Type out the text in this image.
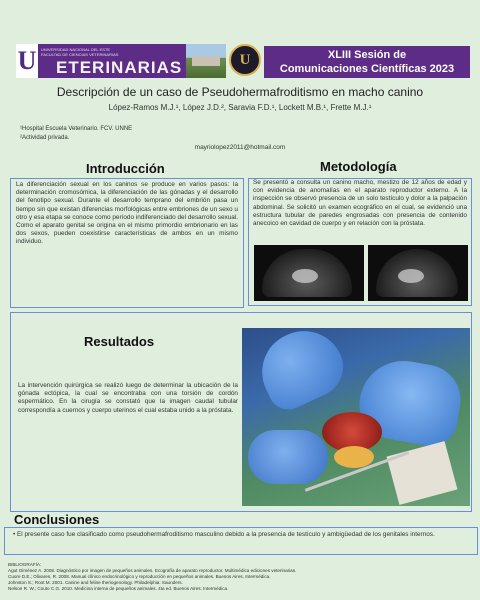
U	UNIVERSIDAD NACIONAL DEL ESTE
FACULTAD DE CIENCIAS VETERINARIAS
ETERINARIAS	U	XLIII Sesión de
Comunicaciones Científicas 2023
Descripción de un caso de Pseudohermafroditismo en macho canino
López-Ramos M.J.¹, López J.D.², Saravia F.D.¹, Lockett M.B.¹, Frette M.J.¹
¹Hospital Escuela Veterinario. FCV. UNNE
²Actividad privada.
mayriolopez2011@hotmail.com
Introducción	Metodología
La diferenciación sexual en los caninos se produce en varios pasos: la determinación cromosómica, la diferenciación de las gónadas y el desarrollo del fenotipo sexual. Durante el desarrollo temprano del embrión pasa un tiempo sin que existan diferencias morfológicas entre embriones de un sexo u otro y esa etapa se conoce como período indiferenciado del desarrollo sexual. Como el aparato genital se origina en el mismo primordio embrionario en las dos sexos, pueden coexistirse características de ambos en un mismo individuo.
Se presentó a consulta un canino macho, mestizo de 12 años de edad y con evidencia de anomalías en el aparato reproductor externo. A la inspección se observó presencia de un solo testículo y dolor a la palpación abdominal. Se solicitó un examen ecográfico en el cual, se evidenció una estructura tubular de paredes engrosadas con presencia de contenido anecoico en cavidad de cuerpo y en relación con la próstata.
Resultados
La intervención quirúrgica se realizó luego de determinar la ubicación de la gónada ectópica, la cual se encontraba con una torsión de cordón espermático. En la cirugía se constató que la imagen caudal tubular correspondía a cuernos y cuerpo uterinos el cual estaba unido a la próstata.
Conclusiones
• El presente caso fue clasificado como pseudohermafroditismo masculino debido a la presencia de testículo y ambigüedad de los genitales internos.
BIBLIOGRAFÍA:
Agut Giménez A. 2008. Diagnóstico por imagen de pequeños animales. Ecografía de aparato reproductor. Multimédica ediciones veterinarias.
Cuore D.E.; Olivares, R. 2008. Manual clínico endocrinológico y reproducción en pequeños animales. Buenos Aires, Intermédica.
Johnston S.; Root M. 2001. Canine and feline theriogenology. Philadelphia: Saunders.
Nelson R. W.; Couto C.G. 2010. Medicina interna de pequeños animales. 4ta ed. Buenos Aires: Intermédica.
